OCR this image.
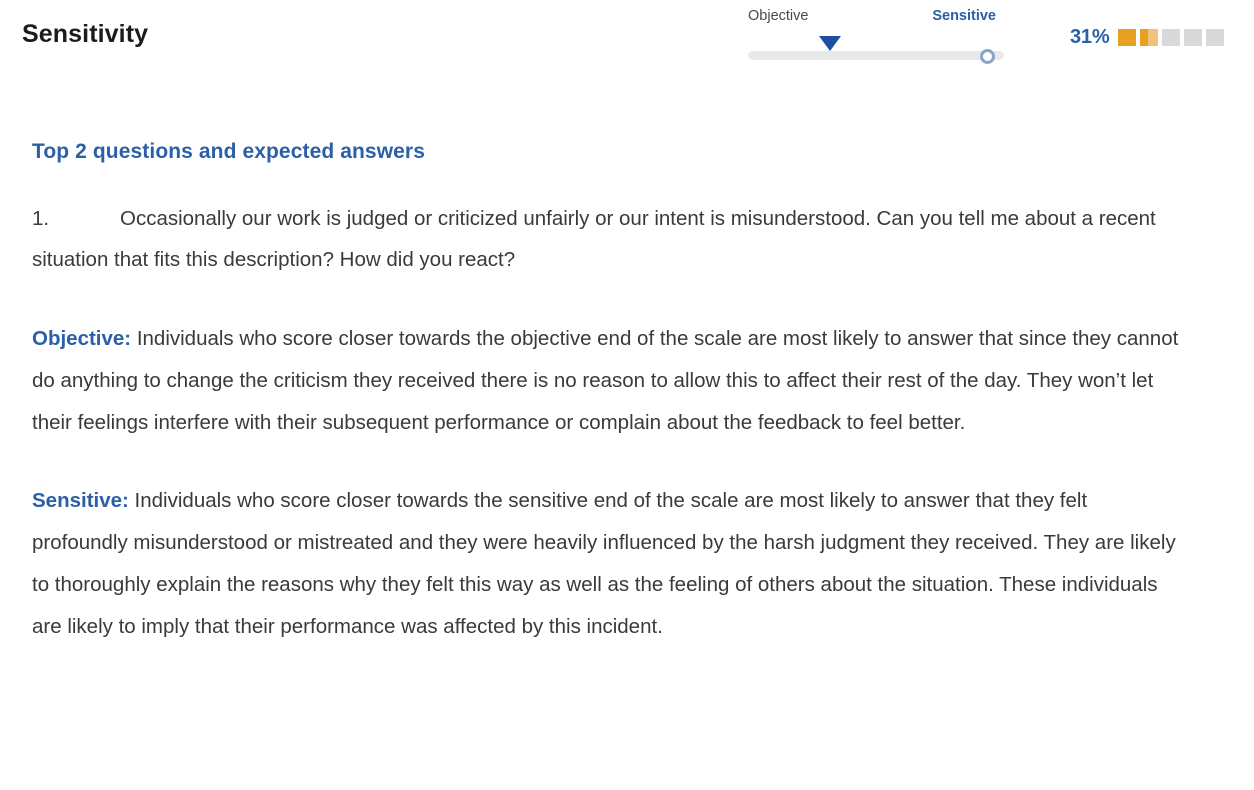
Sensitivity
Objective	Sensitive
31%
Top 2 questions and expected answers

1.	Occasionally our work is judged or criticized unfairly or our intent is misunderstood. Can you tell me about a recent situation that fits this description? How did you react?

Objective: Individuals who score closer towards the objective end of the scale are most likely to answer that since they cannot do anything to change the criticism they received there is no reason to allow this to affect their rest of the day. They won’t let their feelings interfere with their subsequent performance or complain about the feedback to feel better.

Sensitive: Individuals who score closer towards the sensitive end of the scale are most likely to answer that they felt profoundly misunderstood or mistreated and they were heavily influenced by the harsh judgment they received. They are likely to thoroughly explain the reasons why they felt this way as well as the feeling of others about the situation. These individuals are likely to imply that their performance was affected by this incident.
